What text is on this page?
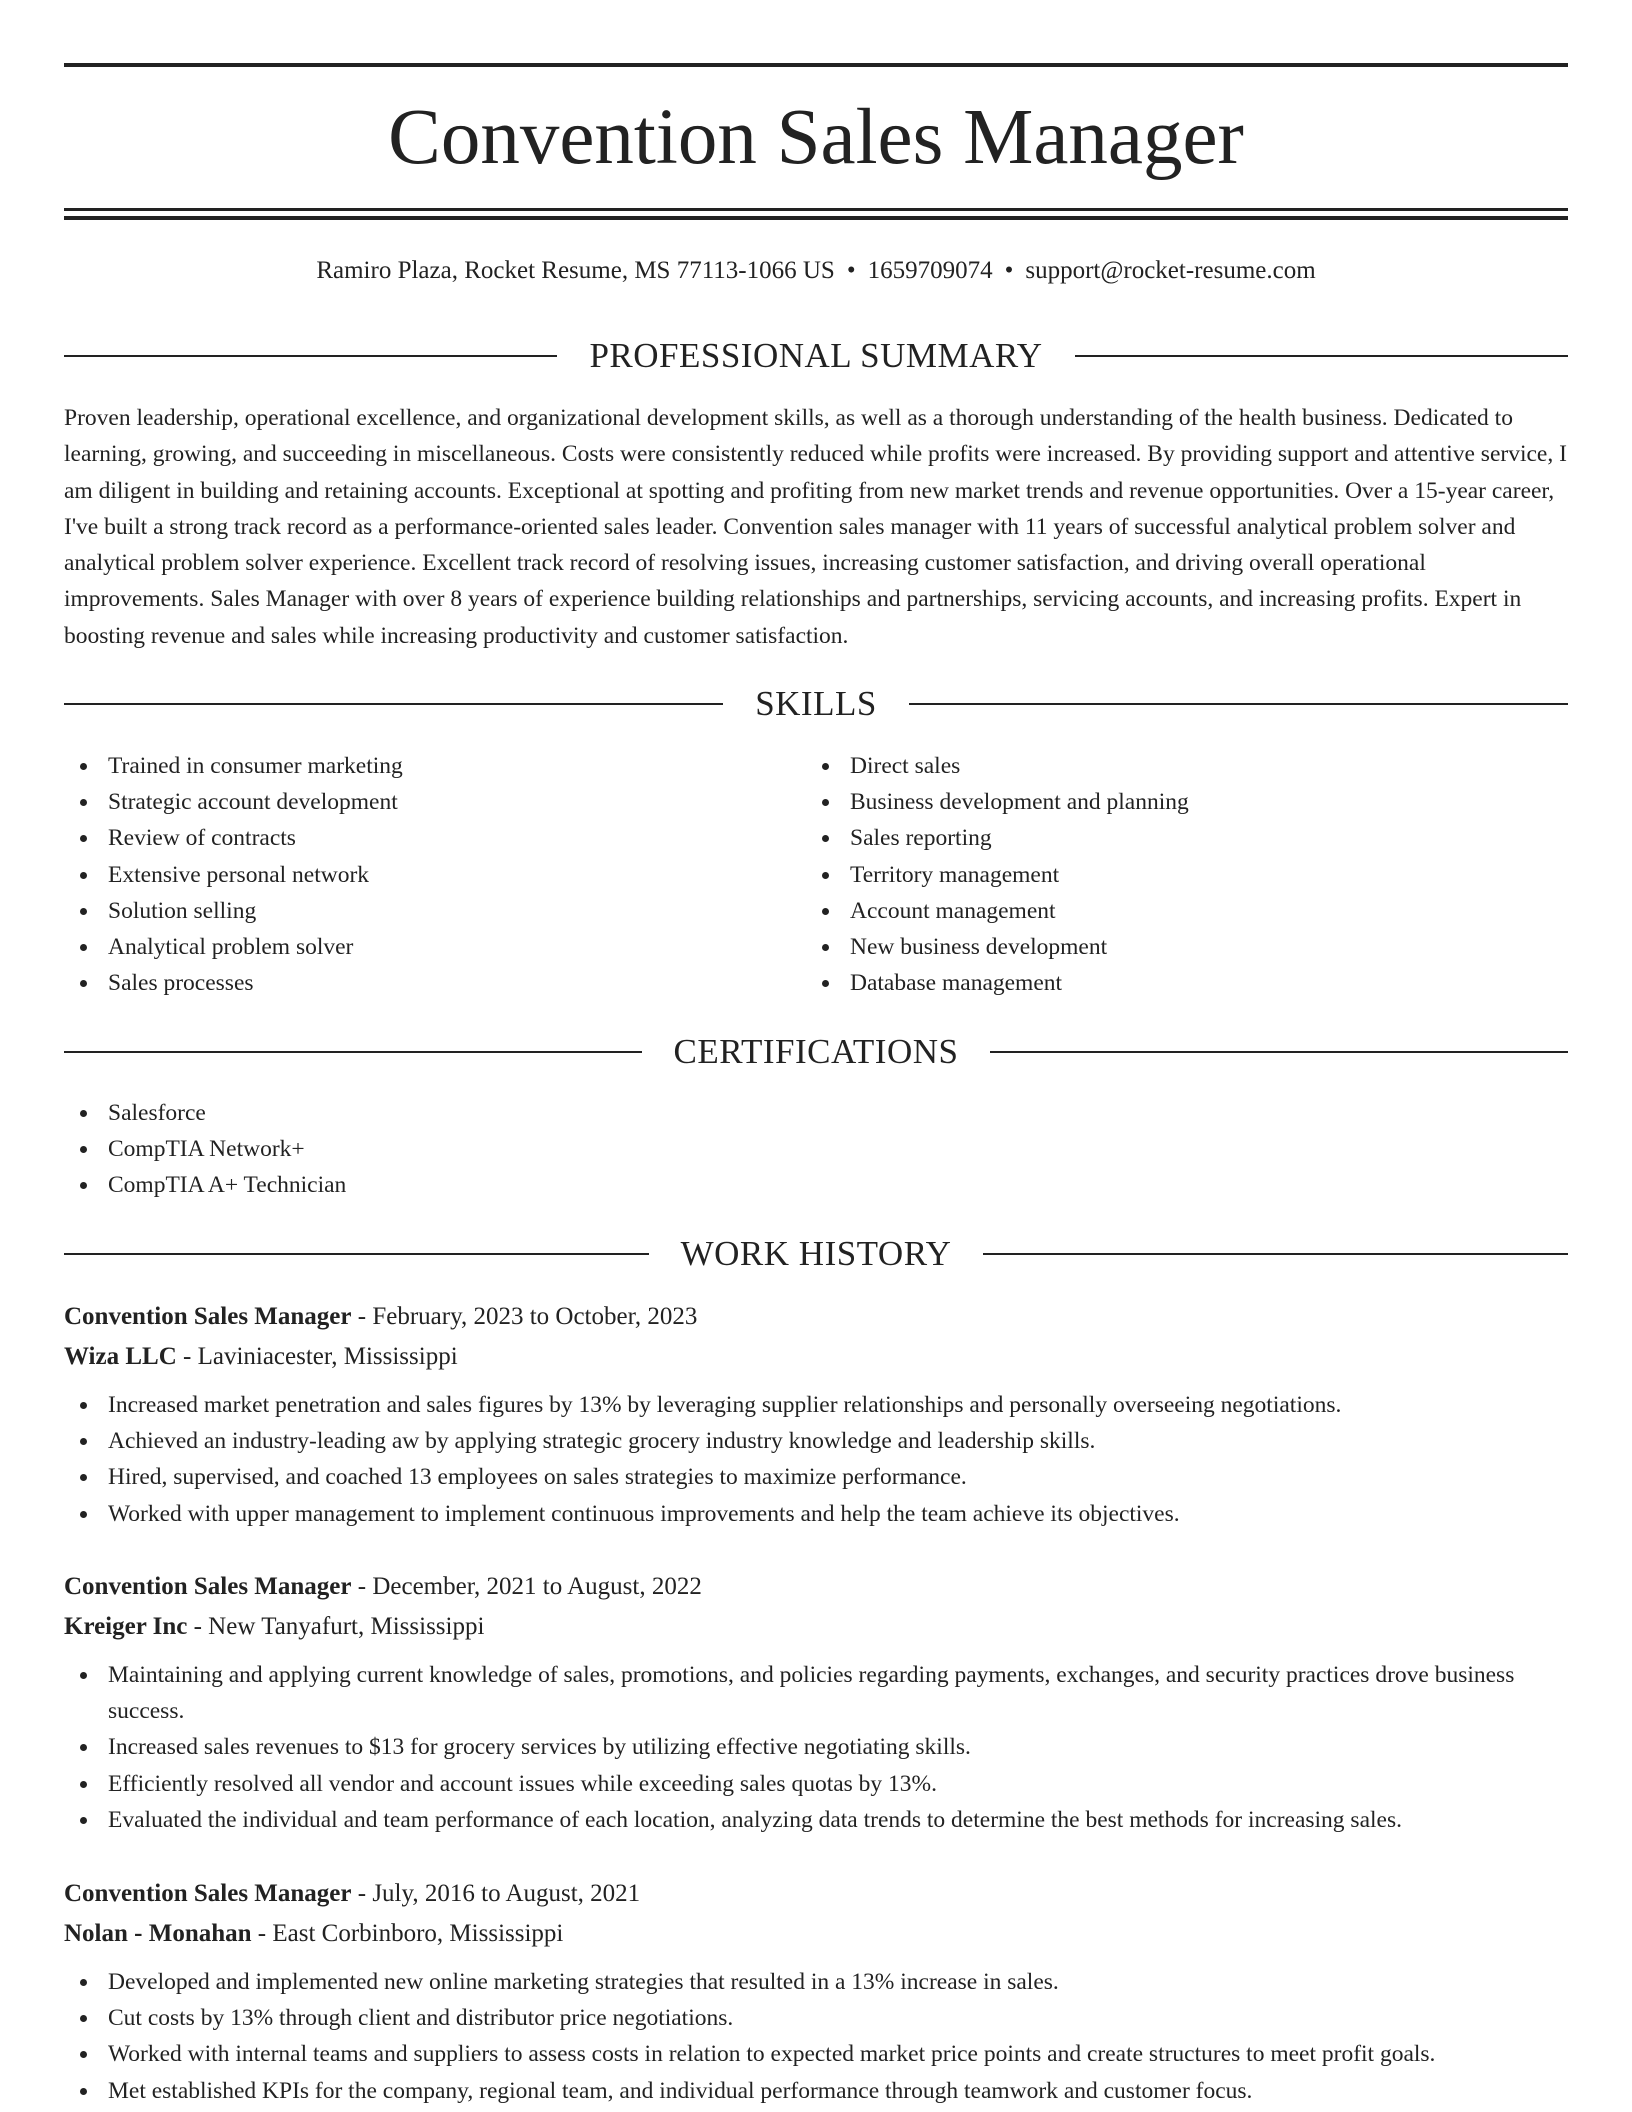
Convention Sales Manager
Ramiro Plaza, Rocket Resume, MS 77113-1066 US • 1659709074 • support@rocket-resume.com
PROFESSIONAL SUMMARY

Proven leadership, operational excellence, and organizational development skills, as well as a thorough understanding of the health business. Dedicated to learning, growing, and succeeding in miscellaneous. Costs were consistently reduced while profits were increased. By providing support and attentive service, I am diligent in building and retaining accounts. Exceptional at spotting and profiting from new market trends and revenue opportunities. Over a 15-year career, I've built a strong track record as a performance-oriented sales leader. Convention sales manager with 11 years of successful analytical problem solver and analytical problem solver experience. Excellent track record of resolving issues, increasing customer satisfaction, and driving overall operational improvements. Sales Manager with over 8 years of experience building relationships and partnerships, servicing accounts, and increasing profits. Expert in boosting revenue and sales while increasing productivity and customer satisfaction.

SKILLS
Trained in consumer marketing
Strategic account development
Review of contracts
Extensive personal network
Solution selling
Analytical problem solver
Sales processes
Direct sales
Business development and planning
Sales reporting
Territory management
Account management
New business development
Database management
CERTIFICATIONS
Salesforce
CompTIA Network+
CompTIA A+ Technician
WORK HISTORY
Convention Sales Manager - February, 2023 to October, 2023
Wiza LLC - Laviniacester, Mississippi
Increased market penetration and sales figures by 13% by leveraging supplier relationships and personally overseeing negotiations.
Achieved an industry-leading aw by applying strategic grocery industry knowledge and leadership skills.
Hired, supervised, and coached 13 employees on sales strategies to maximize performance.
Worked with upper management to implement continuous improvements and help the team achieve its objectives.
Convention Sales Manager - December, 2021 to August, 2022
Kreiger Inc - New Tanyafurt, Mississippi
Maintaining and applying current knowledge of sales, promotions, and policies regarding payments, exchanges, and security practices drove business success.
Increased sales revenues to $13 for grocery services by utilizing effective negotiating skills.
Efficiently resolved all vendor and account issues while exceeding sales quotas by 13%.
Evaluated the individual and team performance of each location, analyzing data trends to determine the best methods for increasing sales.
Convention Sales Manager - July, 2016 to August, 2021
Nolan - Monahan - East Corbinboro, Mississippi
Developed and implemented new online marketing strategies that resulted in a 13% increase in sales.
Cut costs by 13% through client and distributor price negotiations.
Worked with internal teams and suppliers to assess costs in relation to expected market price points and create structures to meet profit goals.
Met established KPIs for the company, regional team, and individual performance through teamwork and customer focus.
